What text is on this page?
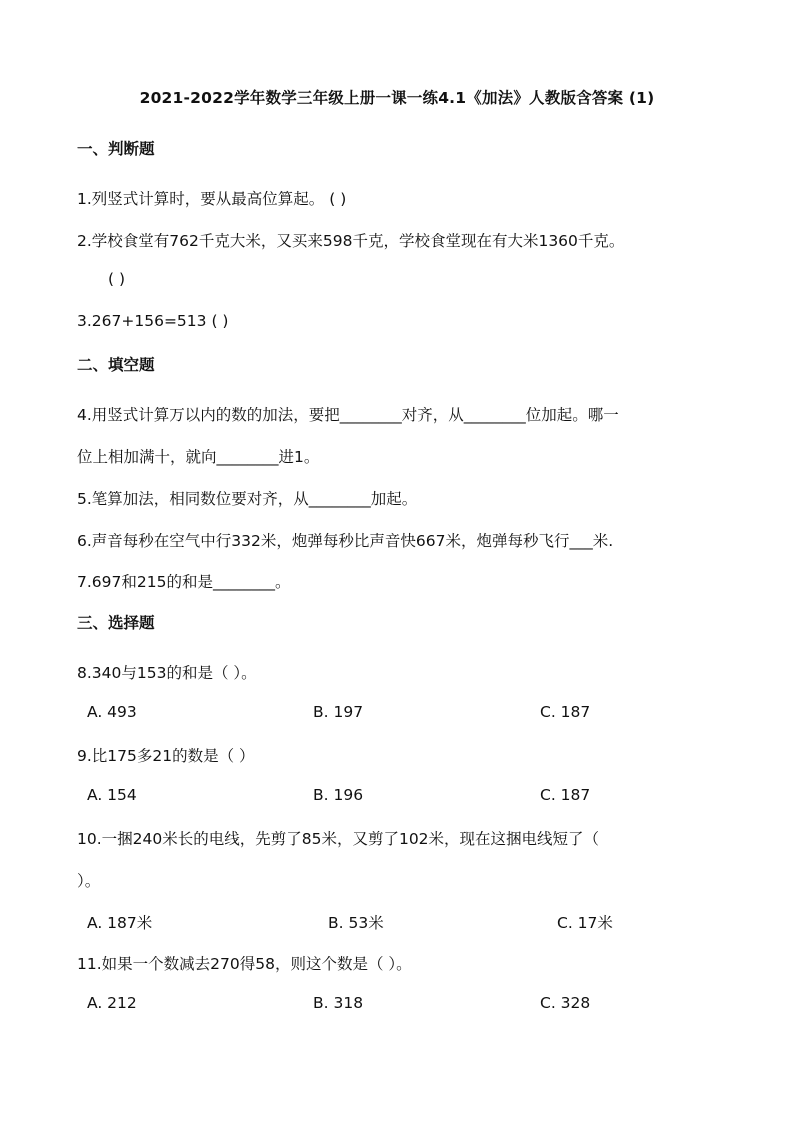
2021-2022学年数学三年级上册一课一练4.1《加法》人教版含答案 (1)
一、判断题
1.列竖式计算时，要从最高位算起。 ( )
2.学校食堂有762千克大米，又买来598千克，学校食堂现在有大米1360千克。
( )
3.267+156=513 ( )
二、填空题
4.用竖式计算万以内的数的加法，要把________对齐，从________位加起。哪一
位上相加满十，就向________进1。
5.笔算加法，相同数位要对齐，从________加起。
6.声音每秒在空气中行332米，炮弹每秒比声音快667米，炮弹每秒飞行___米.
7.697和215的和是________。
三、选择题
8.340与153的和是（ ）。
A. 493	B. 197	C. 187
9.比175多21的数是（ ）
A. 154	B. 196	C. 187
10.一捆240米长的电线，先剪了85米，又剪了102米，现在这捆电线短了（
）。
A. 187米	B. 53米	C. 17米
11.如果一个数减去270得58，则这个数是（ ）。
A. 212	B. 318	C. 328
